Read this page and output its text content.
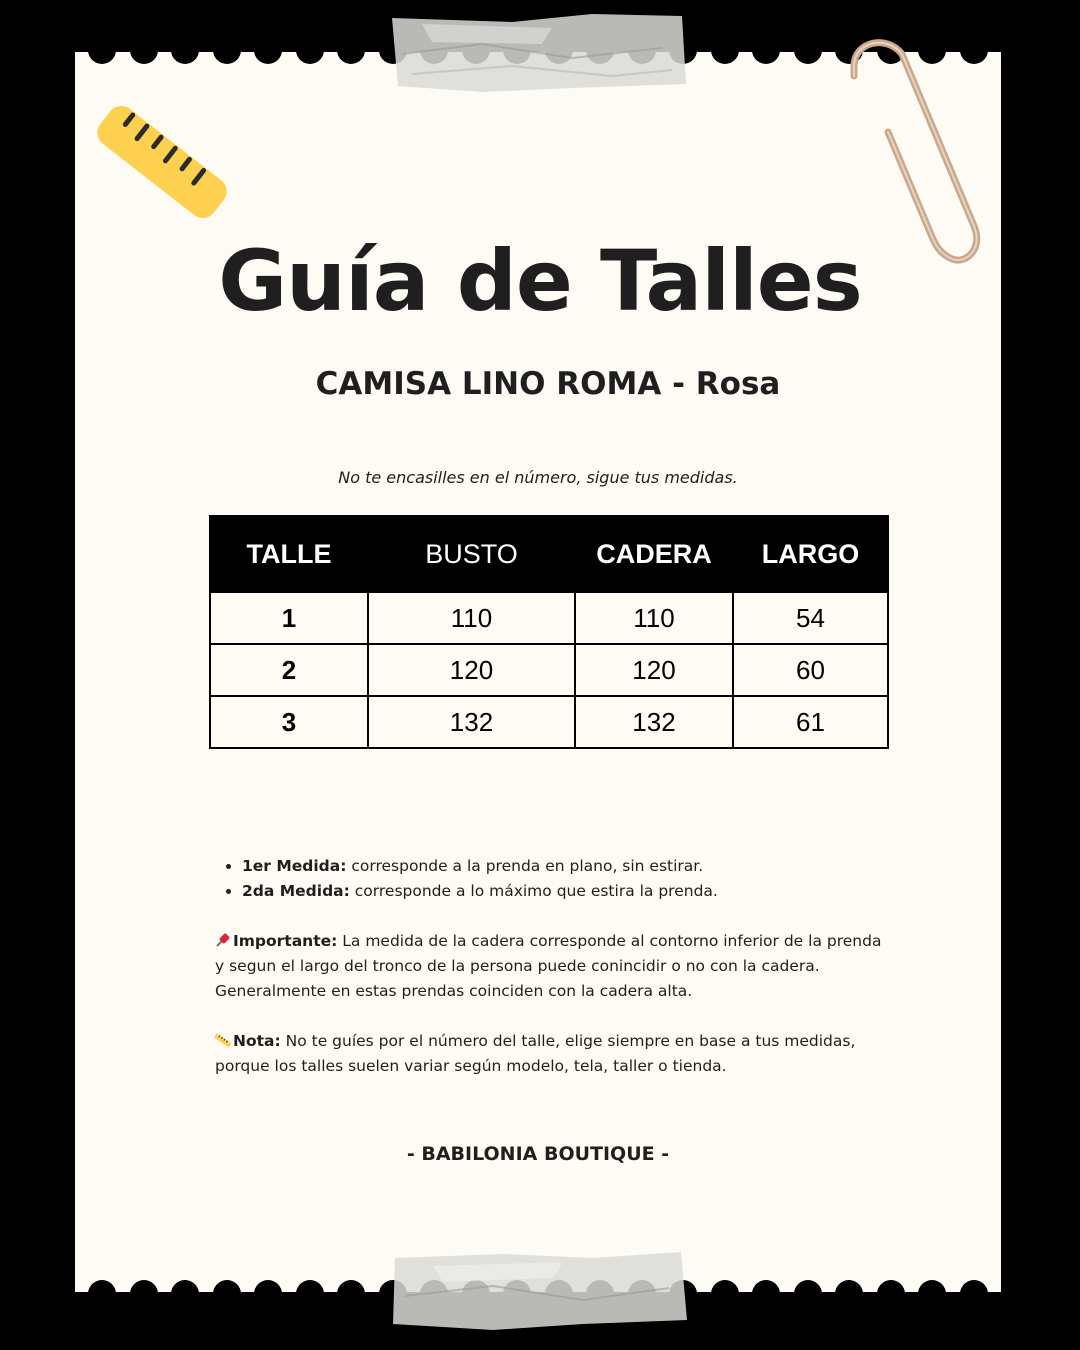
Guía de Talles
CAMISA LINO ROMA - Rosa

No te encasilles en el número, sigue tus medidas.

TALLE	BUSTO	CADERA	LARGO
1	110	110	54
2	120	120	60
3	132	132	61
• 1er Medida: corresponde a la prenda en plano, sin estirar.
• 2da Medida: corresponde a lo máximo que estira la prenda.

Importante: La medida de la cadera corresponde al contorno inferior de la prenda y segun el largo del tronco de la persona puede conincidir o no con la cadera. Generalmente en estas prendas coinciden con la cadera alta.

Nota: No te guíes por el número del talle, elige siempre en base a tus medidas, porque los talles suelen variar según modelo, tela, taller o tienda.

- BABILONIA BOUTIQUE -
